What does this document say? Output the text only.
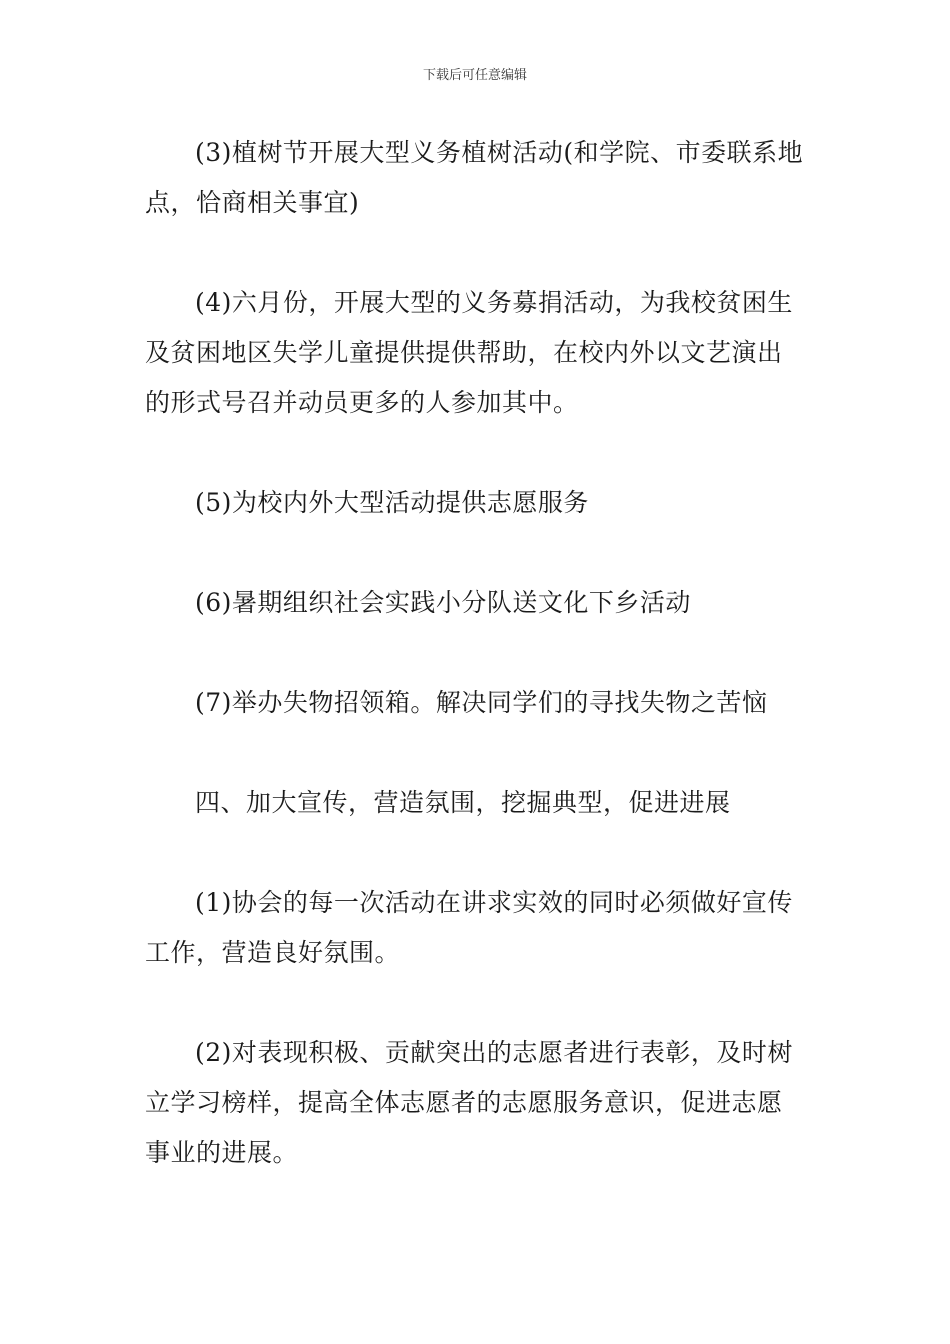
下载后可任意编辑

(3)植树节开展大型义务植树活动(和学院、市委联系地点，恰商相关事宜)

(4)六月份，开展大型的义务募捐活动，为我校贫困生及贫困地区失学儿童提供提供帮助，在校内外以文艺演出的形式号召并动员更多的人参加其中。

(5)为校内外大型活动提供志愿服务

(6)暑期组织社会实践小分队送文化下乡活动

(7)举办失物招领箱。解决同学们的寻找失物之苦恼

四、加大宣传，营造氛围，挖掘典型，促进进展

(1)协会的每一次活动在讲求实效的同时必须做好宣传工作，营造良好氛围。

(2)对表现积极、贡献突出的志愿者进行表彰，及时树立学习榜样，提高全体志愿者的志愿服务意识，促进志愿事业的进展。
